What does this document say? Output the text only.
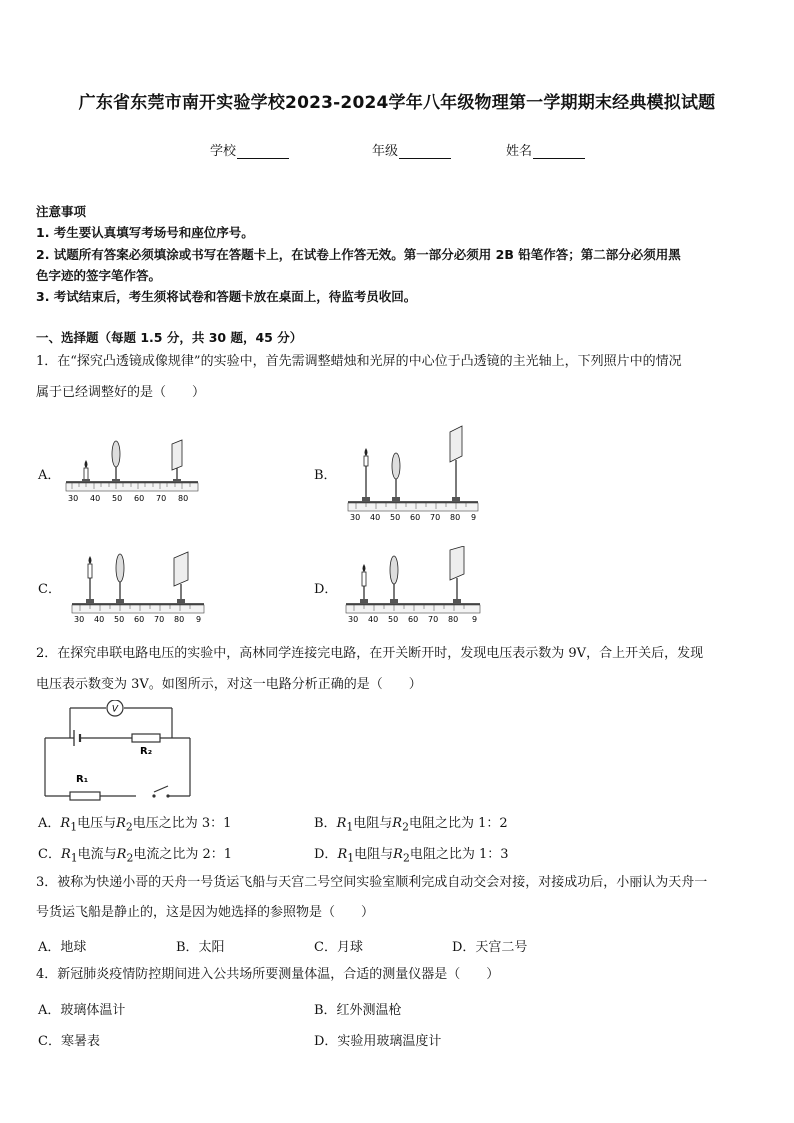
广东省东莞市南开实验学校2023-2024学年八年级物理第一学期期末经典模拟试题
学校	年级	姓名
注意事项
1. 考生要认真填写考场号和座位序号。
2. 试题所有答案必须填涂或书写在答题卡上，在试卷上作答无效。第一部分必须用 2B 铅笔作答；第二部分必须用黑
色字迹的签字笔作答。
3. 考试结束后，考生须将试卷和答题卡放在桌面上，待监考员收回。
一、选择题（每题 1.5 分，共 30 题，45 分）
1．在“探究凸透镜成像规律”的实验中，首先需调整蜡烛和光屏的中心位于凸透镜的主光轴上，下列照片中的情况
属于已经调整好的是（　　）
A．	B．
C．	D．
30 40 50 60 70 80
30 40 50 60 70 80 9
30 40 50 60 70 80 9	30 40 50 60 70 80 9
2．在探究串联电路电压的实验中，高林同学连接完电路，在开关断开时，发现电压表示数为 9V，合上开关后，发现
电压表示数变为 3V。如图所示，对这一电路分析正确的是（　　）
V
R₂
R₁
A．$R_1$电压与$R_2$电压之比为 3：1	B．$R_1$电阻与$R_2$电阻之比为 1：2
C．$R_1$电流与$R_2$电流之比为 2：1	D．$R_1$电阻与$R_2$电阻之比为 1：3
3．被称为快递小哥的天舟一号货运飞船与天宫二号空间实验室顺利完成自动交会对接，对接成功后，小丽认为天舟一
号货运飞船是静止的，这是因为她选择的参照物是（　　）
A．地球	B．太阳	C．月球	D．天宫二号
4．新冠肺炎疫情防控期间进入公共场所要测量体温，合适的测量仪器是（　　）
A．玻璃体温计	B．红外测温枪
C．寒暑表	D．实验用玻璃温度计
